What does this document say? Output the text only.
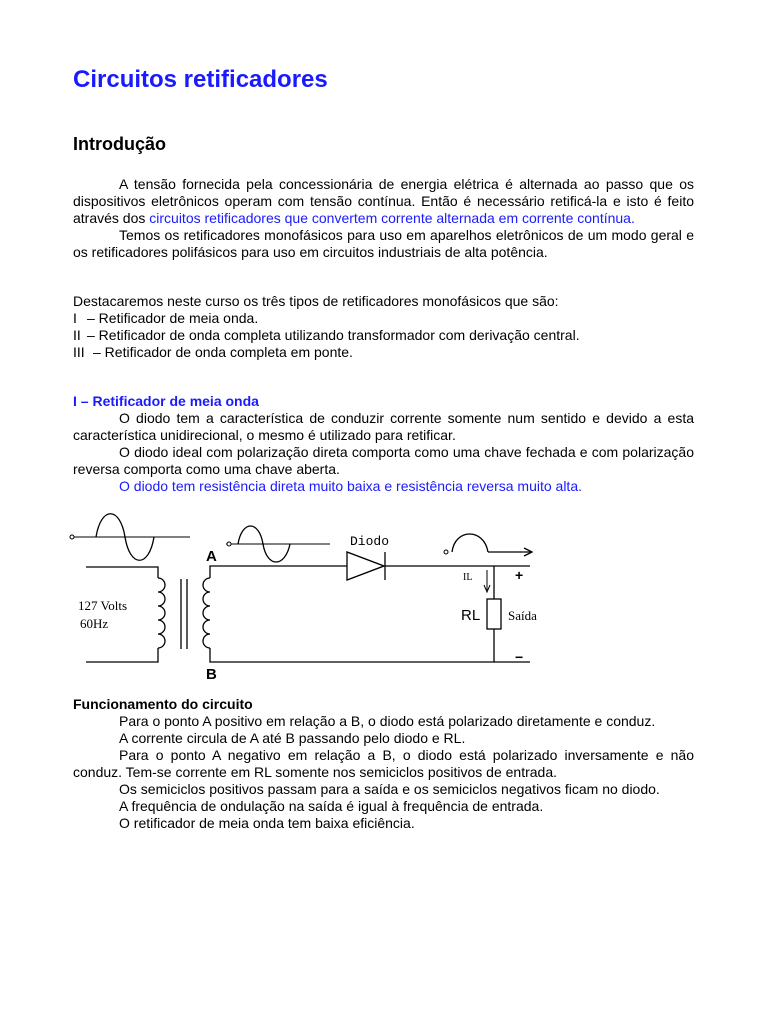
Circuitos retificadores
Introdução

A tensão fornecida pela concessionária de energia elétrica é alternada ao passo que os dispositivos eletrônicos operam com tensão contínua. Então é necessário retificá-la e isto é feito através dos circuitos retificadores que convertem corrente alternada em corrente contínua.

Temos os retificadores monofásicos para uso em aparelhos eletrônicos de um modo geral e os retificadores polifásicos para uso em circuitos industriais de alta potência.

Destacaremos neste curso os três tipos de retificadores monofásicos que são:

I – Retificador de meia onda.
II – Retificador de onda completa utilizando transformador com derivação central.
III – Retificador de onda completa em ponte.

I – Retificador de meia onda

O diodo tem a característica de conduzir corrente somente num sentido e devido a esta característica unidirecional, o mesmo é utilizado para retificar.

O diodo ideal com polarização direta comporta como uma chave fechada e com polarização reversa comporta como uma chave aberta.

O diodo tem resistência direta muito baixa e resistência reversa muito alta.

Funcionamento do circuito

Para o ponto A positivo em relação a B, o diodo está polarizado diretamente e conduz.

A corrente circula de A até B passando pelo diodo e RL.

Para o ponto A negativo em relação a B, o diodo está polarizado inversamente e não conduz. Tem-se corrente em RL somente nos semiciclos positivos de entrada.

Os semiciclos positivos passam para a saída e os semiciclos negativos ficam no diodo.

A frequência de ondulação na saída é igual à frequência de entrada.

O retificador de meia onda tem baixa eficiência.

A
B
Diodo
127 Volts
60Hz
IL
RL Saída
+
−
